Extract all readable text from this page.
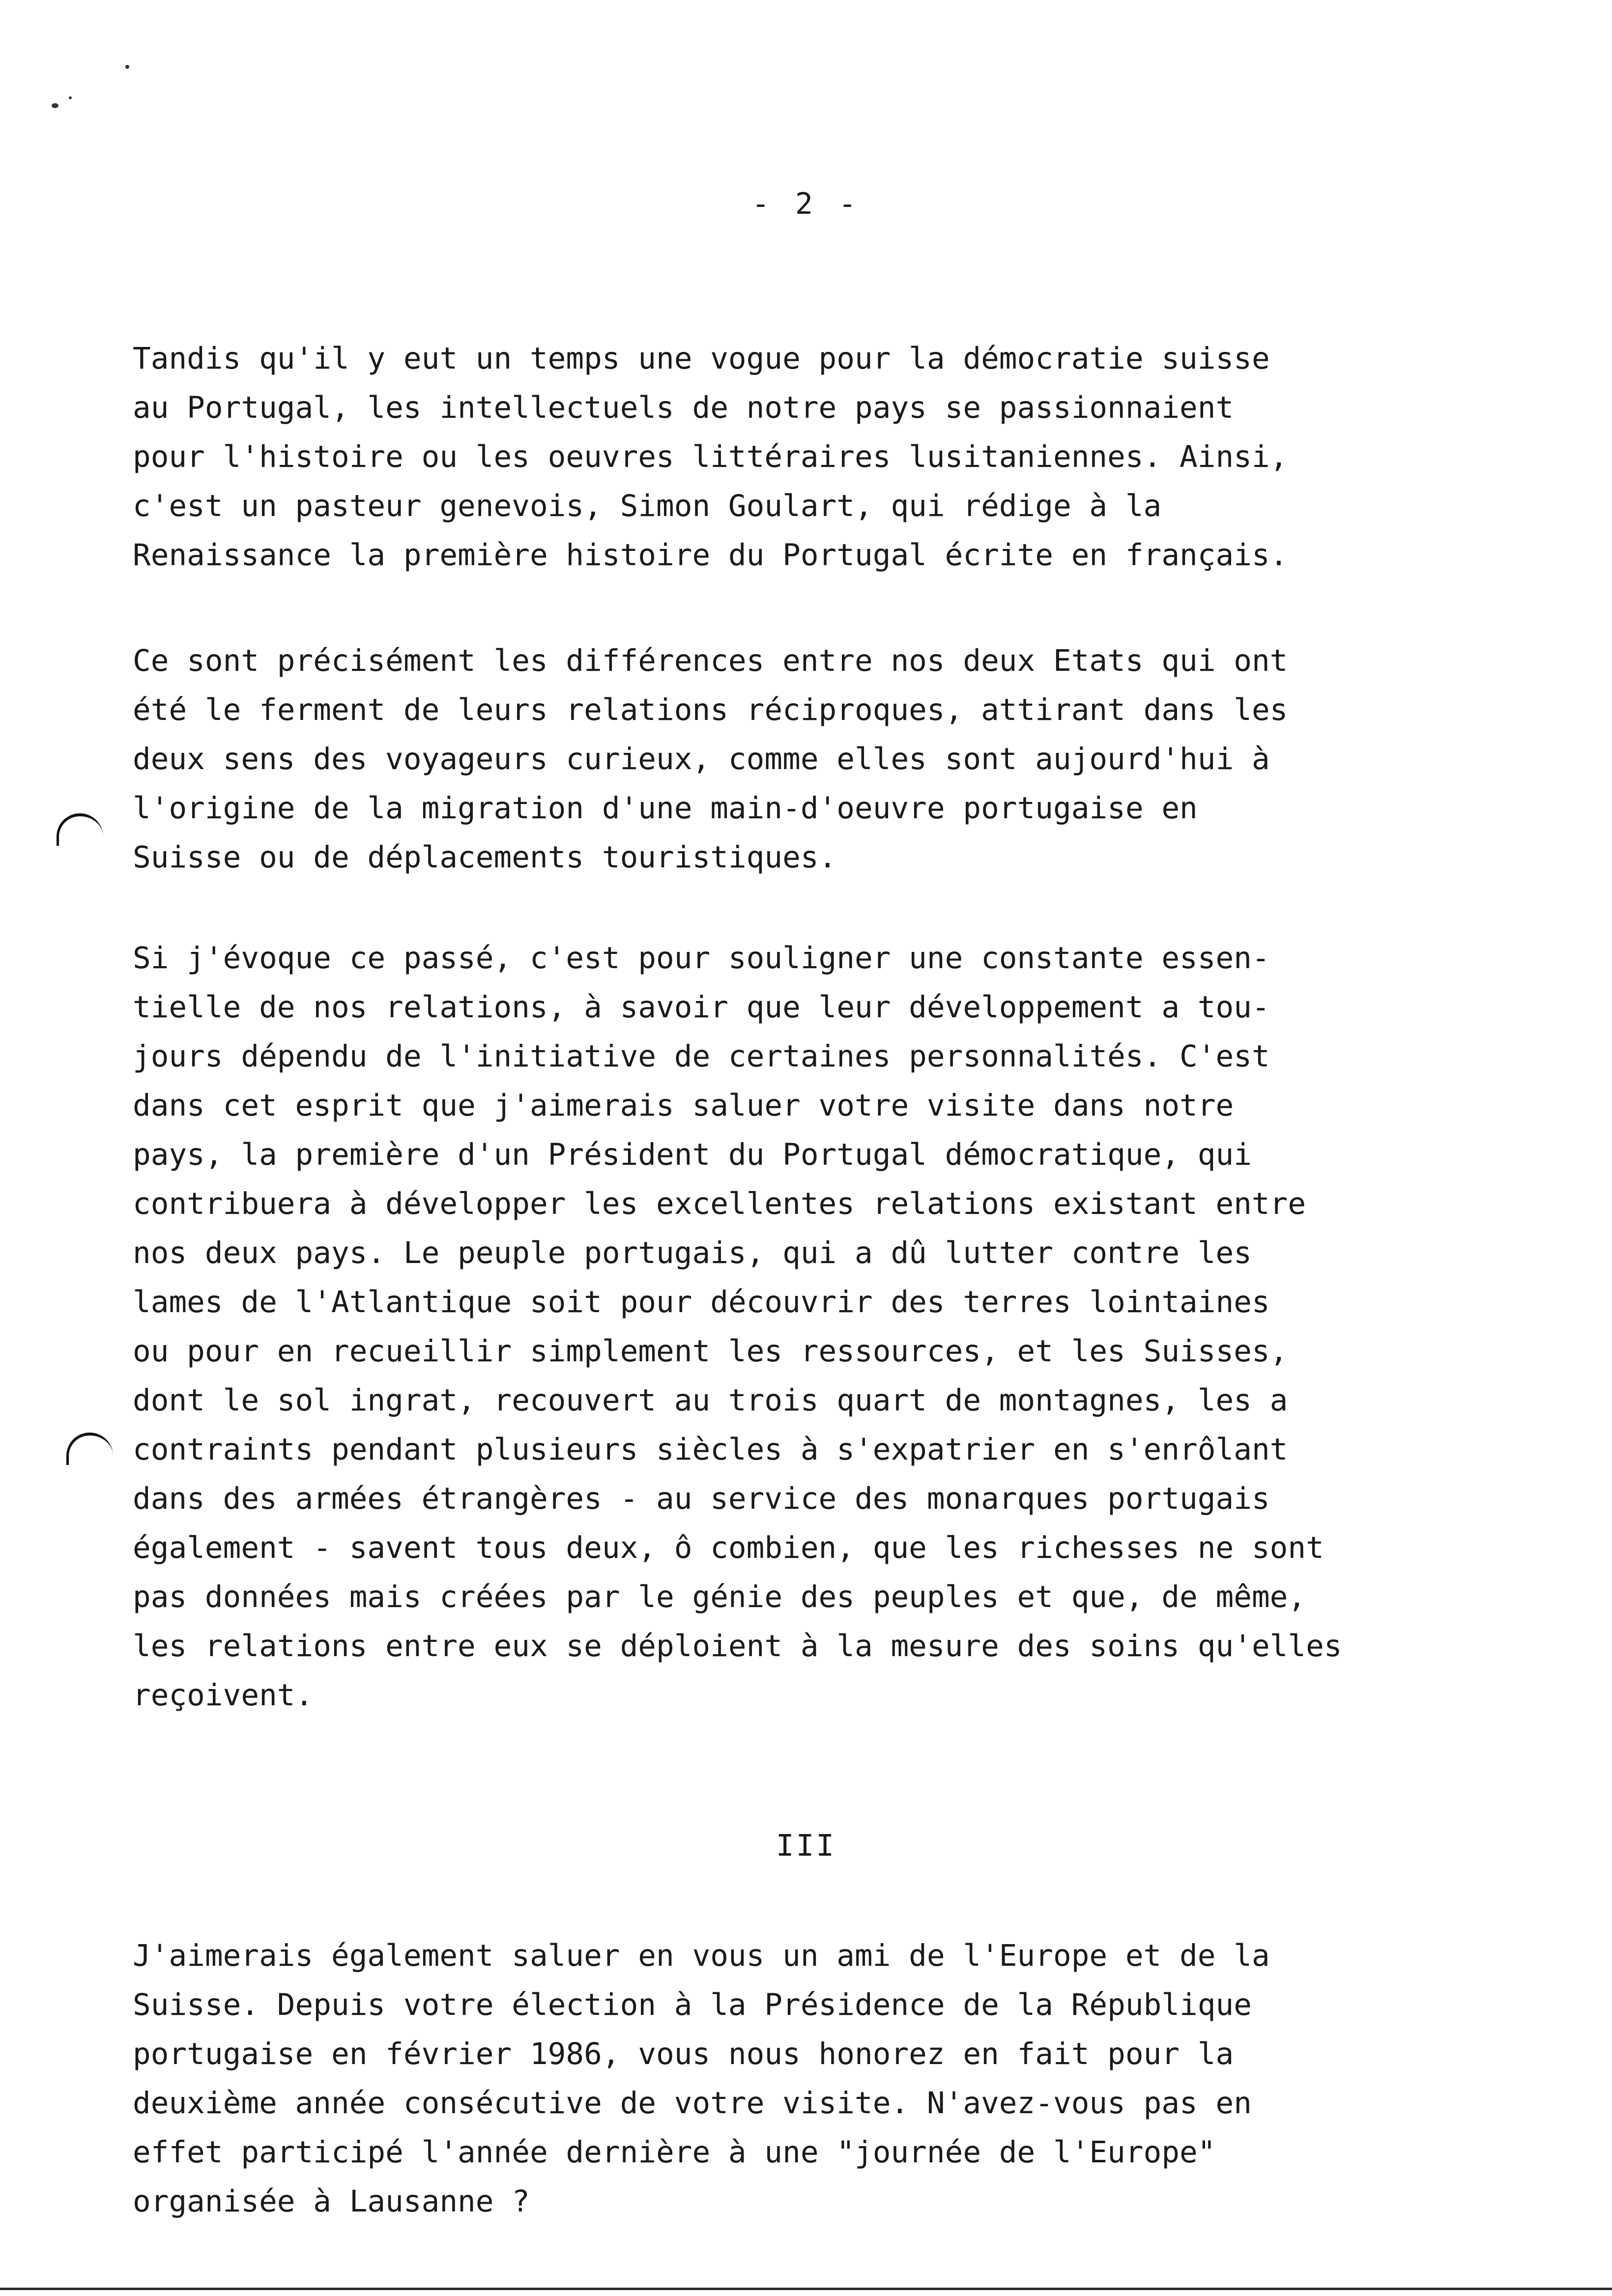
- 2 -
Tandis qu'il y eut un temps une vogue pour la démocratie suisse
au Portugal, les intellectuels de notre pays se passionnaient
pour l'histoire ou les oeuvres littéraires lusitaniennes. Ainsi,
c'est un pasteur genevois, Simon Goulart, qui rédige à la
Renaissance la première histoire du Portugal écrite en français.
Ce sont précisément les différences entre nos deux Etats qui ont
été le ferment de leurs relations réciproques, attirant dans les
deux sens des voyageurs curieux, comme elles sont aujourd'hui à
l'origine de la migration d'une main-d'oeuvre portugaise en
Suisse ou de déplacements touristiques.
Si j'évoque ce passé, c'est pour souligner une constante essen-
tielle de nos relations, à savoir que leur développement a tou-
jours dépendu de l'initiative de certaines personnalités. C'est
dans cet esprit que j'aimerais saluer votre visite dans notre
pays, la première d'un Président du Portugal démocratique, qui
contribuera à développer les excellentes relations existant entre
nos deux pays. Le peuple portugais, qui a dû lutter contre les
lames de l'Atlantique soit pour découvrir des terres lointaines
ou pour en recueillir simplement les ressources, et les Suisses,
dont le sol ingrat, recouvert au trois quart de montagnes, les a
contraints pendant plusieurs siècles à s'expatrier en s'enrôlant
dans des armées étrangères - au service des monarques portugais
également - savent tous deux, ô combien, que les richesses ne sont
pas données mais créées par le génie des peuples et que, de même,
les relations entre eux se déploient à la mesure des soins qu'elles
reçoivent.
III
J'aimerais également saluer en vous un ami de l'Europe et de la
Suisse. Depuis votre élection à la Présidence de la République
portugaise en février 1986, vous nous honorez en fait pour la
deuxième année consécutive de votre visite. N'avez-vous pas en
effet participé l'année dernière à une "journée de l'Europe"
organisée à Lausanne ?
